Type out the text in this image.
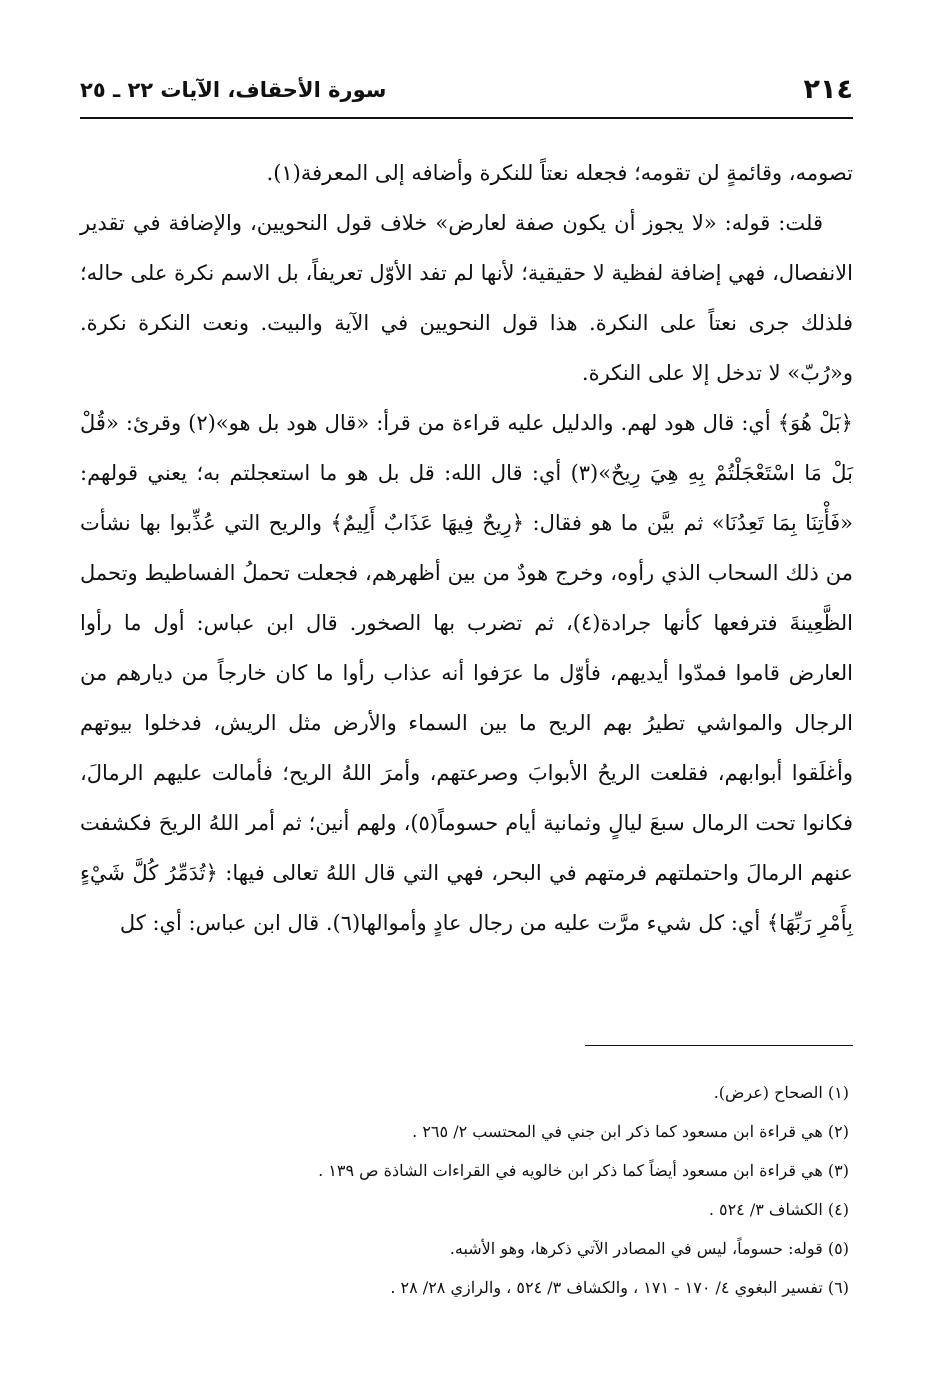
٢١٤
سورة الأحقاف، الآيات ٢٢ ـ ٢٥

تصومه، وقائمةٍ لن تقومه؛ فجعله نعتاً للنكرة وأضافه إلى المعرفة(١).

قلت: قوله: «لا يجوز أن يكون صفة لعارض» خلاف قول النحويين، والإضافة في تقدير الانفصال، فهي إضافة لفظية لا حقيقية؛ لأنها لم تفد الأوّل تعريفاً، بل الاسم نكرة على حاله؛ فلذلك جرى نعتاً على النكرة. هذا قول النحويين في الآية والبيت. ونعت النكرة نكرة. و«رُبّ» لا تدخل إلا على النكرة.

﴿بَلْ هُوَ﴾ أي: قال هود لهم. والدليل عليه قراءة من قرأ: «قال هود بل هو»(٢) وقرئ: «قُلْ بَلْ مَا اسْتَعْجَلْتُمْ بِهِ هِيَ رِيحٌ»(٣) أي: قال الله: قل بل هو ما استعجلتم به؛ يعني قولهم: «فَأْتِنَا بِمَا تَعِدُنَا» ثم بيَّن ما هو فقال: ﴿رِيحٌ فِيهَا عَذَابٌ أَلِيمٌ﴾ والريح التي عُذِّبوا بها نشأت من ذلك السحاب الذي رأوه، وخرج هودٌ من بين أظهرهم، فجعلت تحملُ الفساطيط وتحمل الظَّعِينةَ فترفعها كأنها جرادة(٤)، ثم تضرب بها الصخور. قال ابن عباس: أول ما رأوا العارض قاموا فمدّوا أيديهم، فأوّل ما عرَفوا أنه عذاب رأوا ما كان خارجاً من ديارهم من الرجال والمواشي تطيرُ بهم الريح ما بين السماء والأرض مثل الريش، فدخلوا بيوتهم وأغلَقوا أبوابهم، فقلعت الريحُ الأبوابَ وصرعتهم، وأمرَ اللهُ الريح؛ فأمالت عليهم الرمالَ، فكانوا تحت الرمال سبعَ ليالٍ وثمانية أيام حسوماً(٥)، ولهم أنين؛ ثم أمر اللهُ الريحَ فكشفت عنهم الرمالَ واحتملتهم فرمتهم في البحر، فهي التي قال اللهُ تعالى فيها: ﴿تُدَمِّرُ كُلَّ شَيْءٍ بِأَمْرِ رَبِّهَا﴾ أي: كل شيء مرَّت عليه من رجال عادٍ وأموالها(٦). قال ابن عباس: أي: كل

(١) الصحاح (عرض).

(٢) هي قراءة ابن مسعود كما ذكر ابن جني في المحتسب ٢/ ٢٦٥ .

(٣) هي قراءة ابن مسعود أيضاً كما ذكر ابن خالويه في القراءات الشاذة ص ١٣٩ .

(٤) الكشاف ٣/ ٥٢٤ .

(٥) قوله: حسوماً، ليس في المصادر الآتي ذكرها، وهو الأشبه.

(٦) تفسير البغوي ٤/ ١٧٠ - ١٧١ ، والكشاف ٣/ ٥٢٤ ، والرازي ٢٨/ ٢٨ .
